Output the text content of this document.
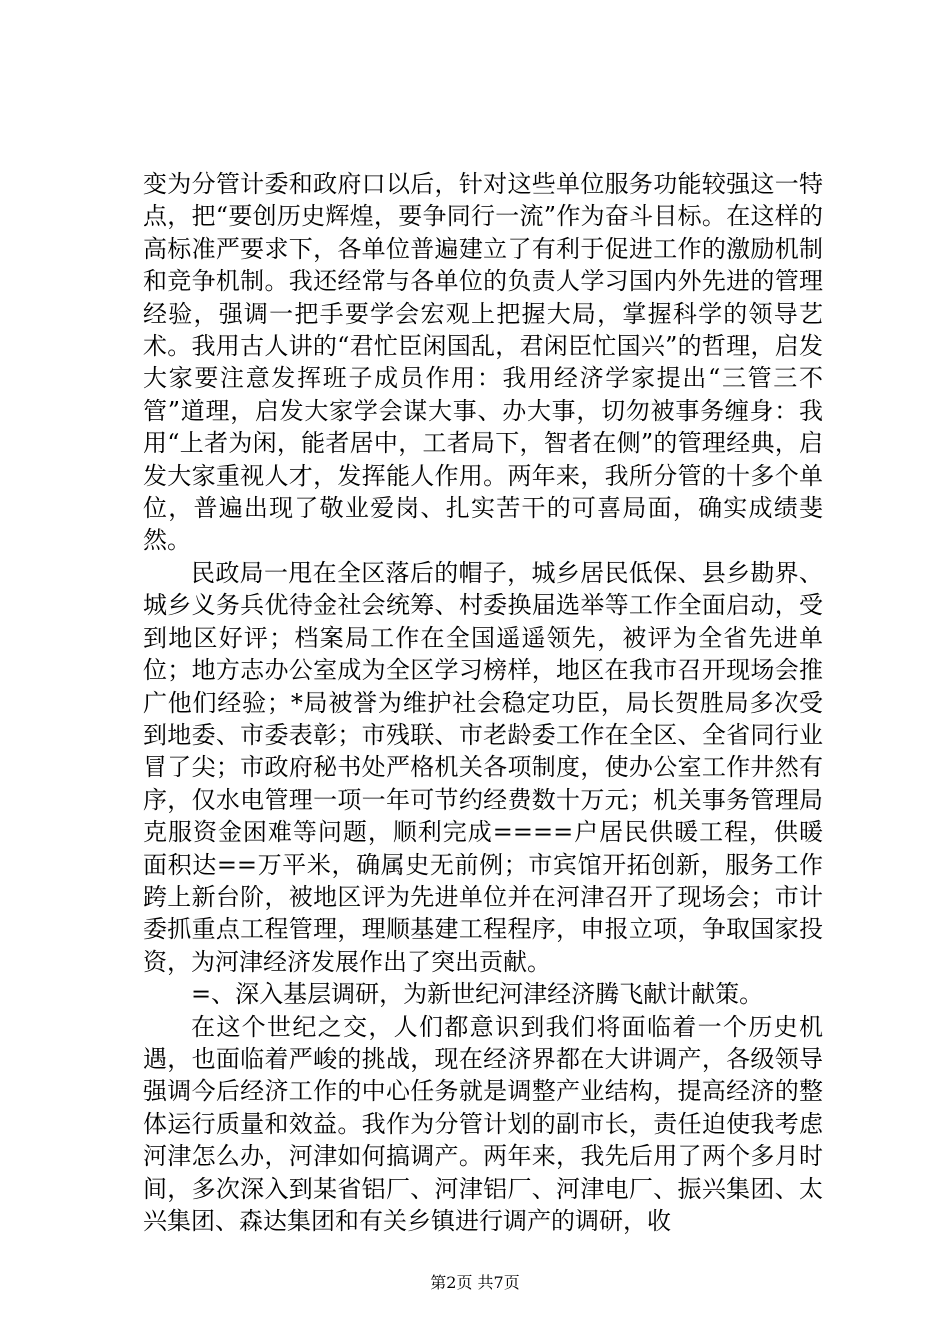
变为分管计委和政府口以后，针对这些单位服务功能较强这一特点，把“要创历史辉煌，要争同行一流”作为奋斗目标。在这样的高标准严要求下，各单位普遍建立了有利于促进工作的激励机制和竞争机制。我还经常与各单位的负责人学习国内外先进的管理经验，强调一把手要学会宏观上把握大局，掌握科学的领导艺术。我用古人讲的“君忙臣闲国乱，君闲臣忙国兴”的哲理，启发大家要注意发挥班子成员作用：我用经济学家提出“三管三不管”道理，启发大家学会谋大事、办大事，切勿被事务缠身：我用“上者为闲，能者居中，工者局下，智者在侧”的管理经典，启发大家重视人才，发挥能人作用。两年来，我所分管的十多个单位，普遍出现了敬业爱岗、扎实苦干的可喜局面，确实成绩斐然。

民政局一甩在全区落后的帽子，城乡居民低保、县乡勘界、城乡义务兵优待金社会统筹、村委换届选举等工作全面启动，受到地区好评；档案局工作在全国遥遥领先，被评为全省先进单位；地方志办公室成为全区学习榜样，地区在我市召开现场会推广他们经验；*局被誉为维护社会稳定功臣，局长贺胜局多次受到地委、市委表彰；市残联、市老龄委工作在全区、全省同行业冒了尖；市政府秘书处严格机关各项制度，使办公室工作井然有序，仅水电管理一项一年可节约经费数十万元；机关事务管理局克服资金困难等问题，顺利完成====户居民供暖工程，供暖面积达==万平米，确属史无前例；市宾馆开拓创新，服务工作跨上新台阶，被地区评为先进单位并在河津召开了现场会；市计委抓重点工程管理，理顺基建工程程序，申报立项，争取国家投资，为河津经济发展作出了突出贡献。

=、深入基层调研，为新世纪河津经济腾飞献计献策。

在这个世纪之交，人们都意识到我们将面临着一个历史机遇，也面临着严峻的挑战，现在经济界都在大讲调产，各级领导强调今后经济工作的中心任务就是调整产业结构，提高经济的整体运行质量和效益。我作为分管计划的副市长，责任迫使我考虑河津怎么办，河津如何搞调产。两年来，我先后用了两个多月时间，多次深入到某省铝厂、河津铝厂、河津电厂、振兴集团、太兴集团、森达集团和有关乡镇进行调产的调研，收

第2页 共7页
